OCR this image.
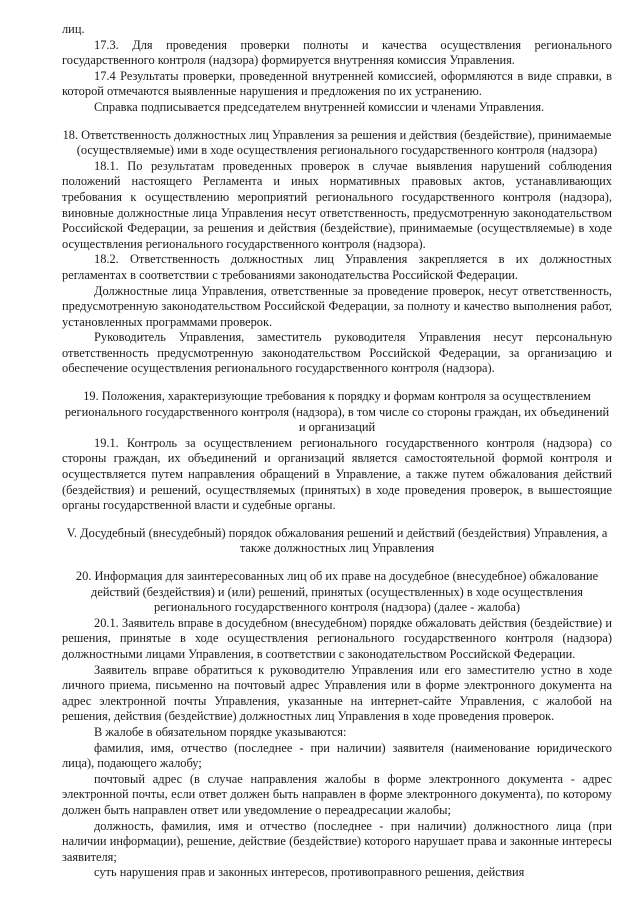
лиц.

17.3. Для проведения проверки полноты и качества осуществления регионального государственного контроля (надзора) формируется внутренняя комиссия Управления.

17.4 Результаты проверки, проведенной внутренней комиссией, оформляются в виде справки, в которой отмечаются выявленные нарушения и предложения по их устранению.

Справка подписывается председателем внутренней комиссии и членами Управления.

18. Ответственность должностных лиц Управления за решения и действия (бездействие), принимаемые (осуществляемые) ими в ходе осуществления регионального государственного контроля (надзора)

18.1. По результатам проведенных проверок в случае выявления нарушений соблюдения положений настоящего Регламента и иных нормативных правовых актов, устанавливающих требования к осуществлению мероприятий регионального государственного контроля (надзора), виновные должностные лица Управления несут ответственность, предусмотренную законодательством Российской Федерации, за решения и действия (бездействие), принимаемые (осуществляемые) в ходе осуществления регионального государственного контроля (надзора).

18.2. Ответственность должностных лиц Управления закрепляется в их должностных регламентах в соответствии с требованиями законодательства Российской Федерации.

Должностные лица Управления, ответственные за проведение проверок, несут ответственность, предусмотренную законодательством Российской Федерации, за полноту и качество выполнения работ, установленных программами проверок.

Руководитель Управления, заместитель руководителя Управления несут персональную ответственность предусмотренную законодательством Российской Федерации, за организацию и обеспечение осуществления регионального государственного контроля (надзора).

19. Положения, характеризующие требования к порядку и формам контроля за осуществлением регионального государственного контроля (надзора), в том числе со стороны граждан, их объединений и организаций

19.1. Контроль за осуществлением регионального государственного контроля (надзора) со стороны граждан, их объединений и организаций является самостоятельной формой контроля и осуществляется путем направления обращений в Управление, а также путем обжалования действий (бездействия) и решений, осуществляемых (принятых) в ходе проведения проверок, в вышестоящие органы государственной власти и судебные органы.

V. Досудебный (внесудебный) порядок обжалования решений и действий (бездействия) Управления, а также должностных лиц Управления

20. Информация для заинтересованных лиц об их праве на досудебное (внесудебное) обжалование действий (бездействия) и (или) решений, принятых (осуществленных) в ходе осуществления регионального государственного контроля (надзора) (далее - жалоба)

20.1. Заявитель вправе в досудебном (внесудебном) порядке обжаловать действия (бездействие) и решения, принятые в ходе осуществления регионального государственного контроля (надзора) должностными лицами Управления, в соответствии с законодательством Российской Федерации.

Заявитель вправе обратиться к руководителю Управления или его заместителю устно в ходе личного приема, письменно на почтовый адрес Управления или в форме электронного документа на адрес электронной почты Управления, указанные на интернет-сайте Управления, с жалобой на решения, действия (бездействие) должностных лиц Управления в ходе проведения проверок.

В жалобе в обязательном порядке указываются:

фамилия, имя, отчество (последнее - при наличии) заявителя (наименование юридического лица), подающего жалобу;

почтовый адрес (в случае направления жалобы в форме электронного документа - адрес электронной почты, если ответ должен быть направлен в форме электронного документа), по которому должен быть направлен ответ или уведомление о переадресации жалобы;

должность, фамилия, имя и отчество (последнее - при наличии) должностного лица (при наличии информации), решение, действие (бездействие) которого нарушает права и законные интересы заявителя;

суть нарушения прав и законных интересов, противоправного решения, действия
